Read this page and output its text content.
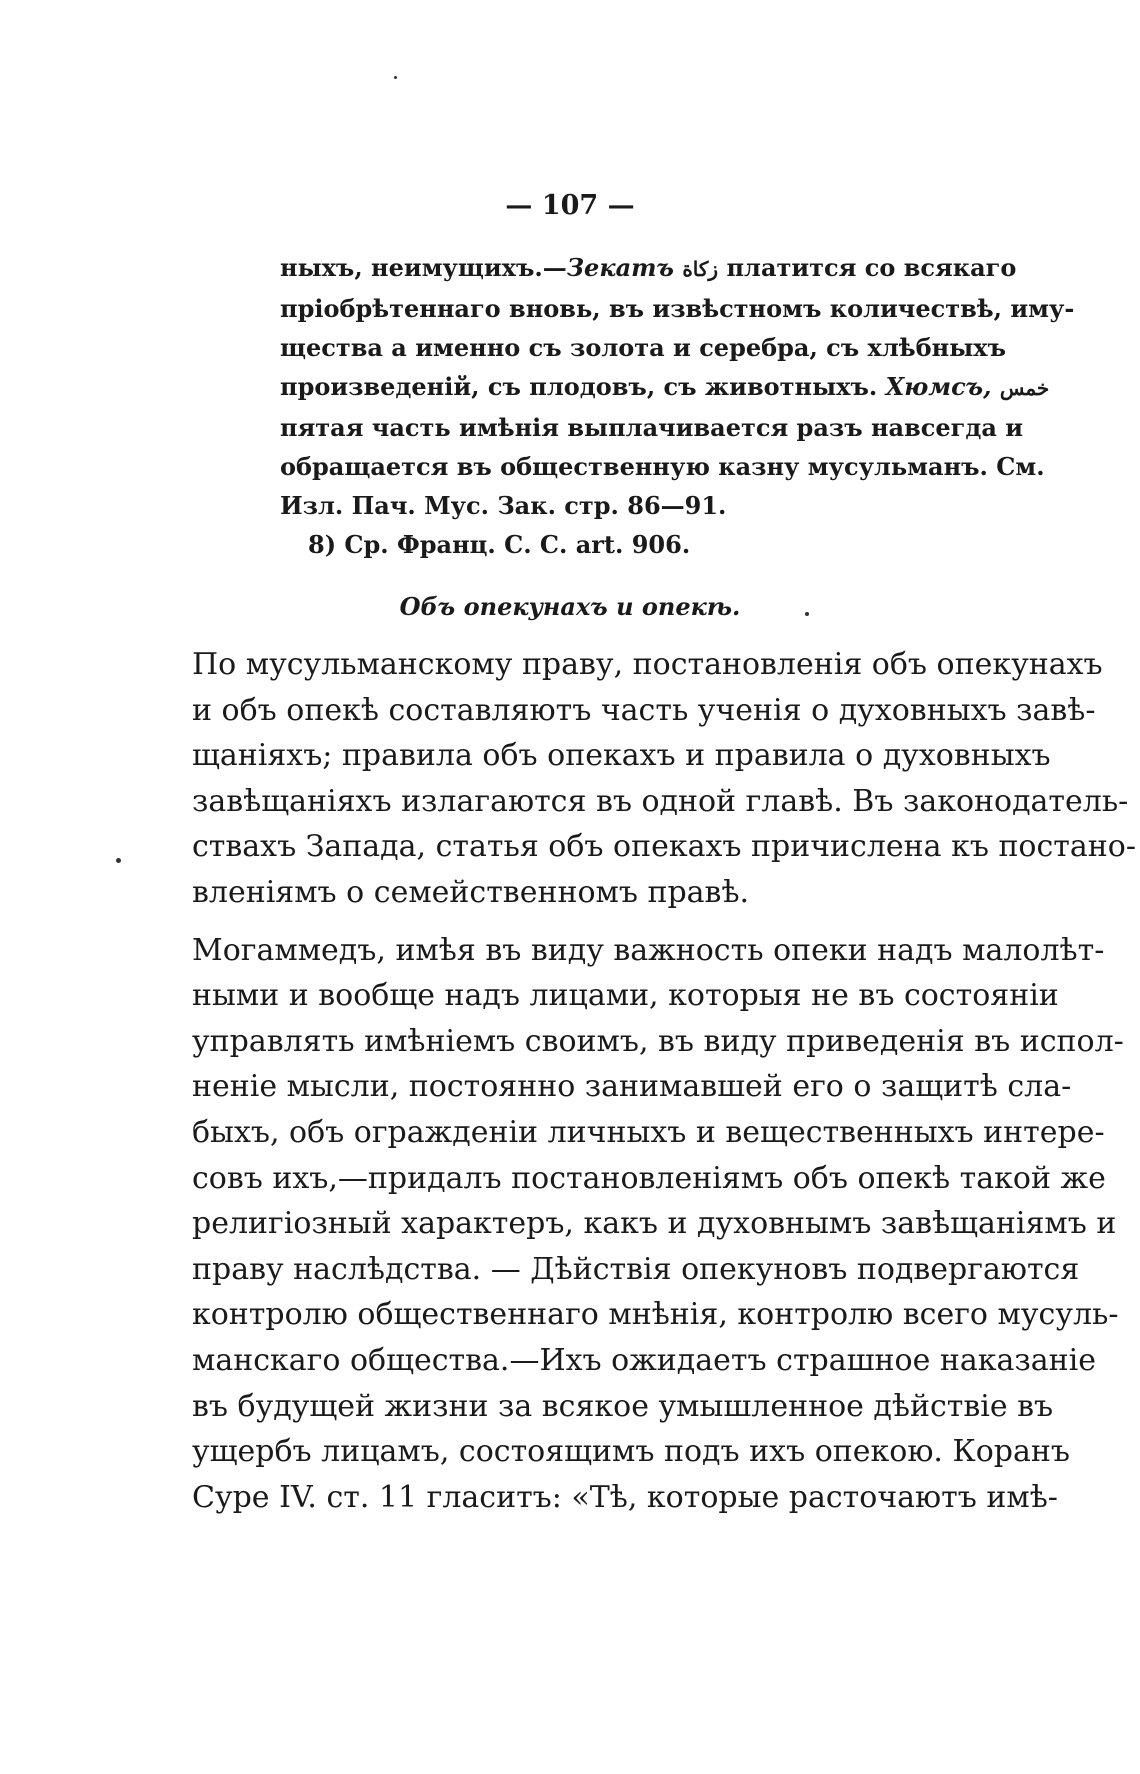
— 107 —
ныхъ, неимущихъ.—Зекатъ زكاة платится со всякаго
пріобрѣтеннаго вновь, въ извѣстномъ количествѣ, иму-
щества а именно съ золота и серебра, съ хлѣбныхъ
произведеній, съ плодовъ, съ животныхъ. Хюмсъ, خمس
пятая часть имѣнія выплачивается разъ навсегда и
обращается въ общественную казну мусульманъ. См.
Изл. Пач. Мус. Зак. стр. 86—91.
8) Ср. Франц. С. С. art. 906.
Объ опекунахъ и опекѣ.
По мусульманскому праву, постановленія объ опекунахъ
и объ опекѣ составляютъ часть ученія о духовныхъ завѣ-
щаніяхъ; правила объ опекахъ и правила о духовныхъ
завѣщаніяхъ излагаются въ одной главѣ. Въ законодатель-
ствахъ Запада, статья объ опекахъ причислена къ постано-
вленіямъ о семейственномъ правѣ.
Могаммедъ, имѣя въ виду важность опеки надъ малолѣт-
ными и вообще надъ лицами, которыя не въ состояніи
управлять имѣніемъ своимъ, въ виду приведенія въ испол-
неніе мысли, постоянно занимавшей его о защитѣ сла-
быхъ, объ огражденіи личныхъ и вещественныхъ интере-
совъ ихъ,—придалъ постановленіямъ объ опекѣ такой же
религіозный характеръ, какъ и духовнымъ завѣщаніямъ и
праву наслѣдства. — Дѣйствія опекуновъ подвергаются
контролю общественнаго мнѣнія, контролю всего мусуль-
манскаго общества.—Ихъ ожидаетъ страшное наказаніе
въ будущей жизни за всякое умышленное дѣйствіе въ
ущербъ лицамъ, состоящимъ подъ ихъ опекою. Коранъ
Суре IV. ст. 11 гласитъ: «Тѣ, которые расточаютъ имѣ-
